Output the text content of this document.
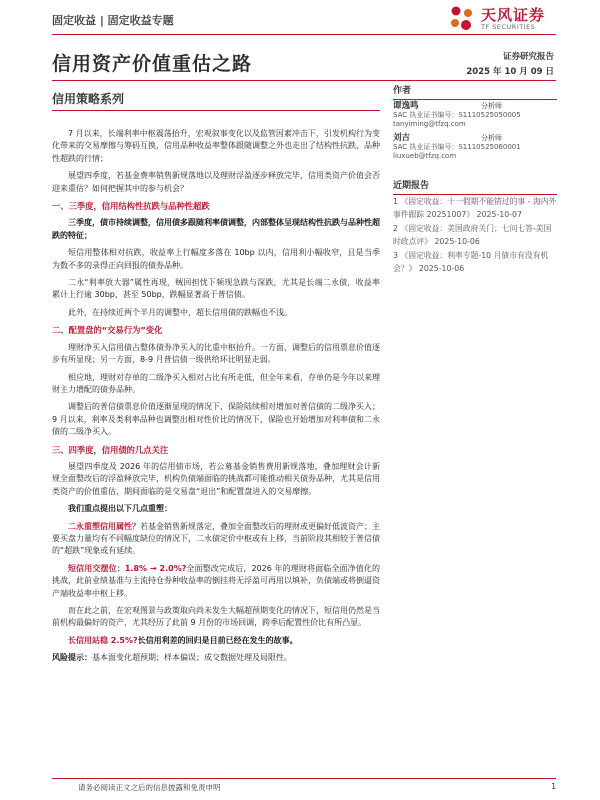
固定收益 | 固定收益专题	天风证券
TF SECURITIES
信用资产价值重估之路	证券研究报告
2025 年 10 月 09 日
信用策略系列
作者
谭逸鸣	分析师
SAC 执业证书编号：S1110525050005
tanyiming@tfzq.com
刘吉	分析师
SAC 执业证书编号：S1110525060001
liuxueb@tfzq.com
近期报告
1 《固定收益：十一假期不能错过的事 - 海内外事件跟踪 20251007》 2025-10-07
2 《固定收益：美国政府关门；七问七答-美国时政点评》 2025-10-06
3 《固定收益：利率专题-10 月债市有没有机会？》 2025-10-06

7 月以来，长端利率中枢震荡抬升，宏观叙事变化以及监管因素冲击下，引发机构行为变化带来的交易摩擦与筹码互换，信用品种收益率整体跟随调整之外也走出了结构性抗跌、品种性超跌的行情；

展望四季度，若基金费率销售新规落地以及理财浮盈逐步释放完毕，信用类资产价值会否迎来重估？如何把握其中的参与机会？

一、三季度，信用结构性抗跌与品种性超跌

三季度，债市持续调整，信用债多跟随利率债调整，内部整体呈现结构性抗跌与品种性超跌的特征；

短信用整体相对抗跌，收益率上行幅度多落在 10bp 以内，信用利小幅收窄，且是当季为数不多的录得正向回报的债券品种。

二永“利率放大器”属性再现，贼回担忧下频现急跌与深跌，尤其是长端二永债，收益率累计上行逾 30bp，甚至 50bp，跌幅显著高于普信债。

此外，在持续近两个半月的调整中，超长信用债的跌幅也不浅。

二、配置盘的“交易行为”变化

理财净买入信用债占整体债券净买入的比重中枢抬升。一方面，调整后的信用票息价值逐步有所显现；另一方面，8-9 月普信债一级供给环比明显走弱。

相应地，理财对存单的二级净买入相对占比有所走低，但全年来看，存单仍是今年以来理财主力增配的债券品种。

调整后的普信债票息价值逐渐显现的情况下，保险陆续相对增加对普信债的二级净买入；9 月以来，利率及类利率品种也调整出相对性价比的情况下，保险也开始增加对利率债和二永债的二级净买入。

三、四季度，信用债的几点关注

展望四季度及 2026 年的信用债市场，若公募基金销售费用新规落地，叠加理财会计新规全面整改后的浮盈释放完毕，机构负债端面临的挑战都可能推动相关债券品种，尤其是信用类资产的价值重估，期间面临的是交易盘“退出”和配置盘进入的交易摩擦。

我们重点提出以下几点重塑：

二永重塑信用属性？若基金销售新规落定，叠加全面整改后的理财或更偏好低波资产；主要买盘力量均有不同幅度缺位的情况下，二永债定价中枢或有上移，当前阶段其相较于普信债的“超跌”现象或有延续。

短信用交摆位：1.8% → 2.0%?全面整改完成后，2026 年的理财将面临全面净值化的挑战，此前业绩基准与主流持仓券种收益率的倒挂将无浮盈可再用以填补，负债端或将倒逼资产端收益率中枢上移。

而在此之前，在宏观图景与政策取向尚未发生大幅超预期变化的情况下，短信用仍然是当前机构最偏好的资产，尤其经历了此前 9 月份的市场回调，跨季后配置性价比有所凸显。

长信用站稳 2.5%?长信用利差的回归是目前已经在发生的故事。

风险提示：基本面变化超预期；样本偏误；成交数据处理及局限性。

请务必阅读正文之后的信息披露和免责申明	1
